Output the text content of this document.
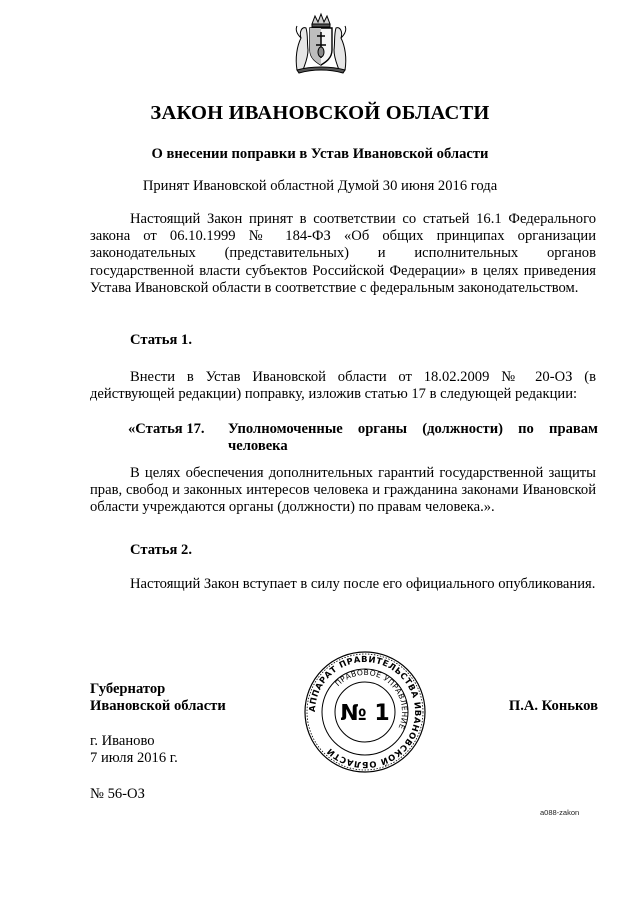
ЗАКОН ИВАНОВСКОЙ ОБЛАСТИ
О внесении поправки в Устав Ивановской области
Принят Ивановской областной Думой 30 июня 2016 года
Настоящий Закон принят в соответствии со статьей 16.1 Федерального закона от 06.10.1999 № 184-ФЗ «Об общих принципах организации законодательных (представительных) и исполнительных органов государственной власти субъектов Российской Федерации» в целях приведения Устава Ивановской области в соответствие с федеральным законодательством.
Статья 1.
Внести в Устав Ивановской области от 18.02.2009 № 20-ОЗ (в действующей редакции) поправку, изложив статью 17 в следующей редакции:
«Статья 17. Уполномоченные органы (должности) по правам человека
В целях обеспечения дополнительных гарантий государственной защиты прав, свобод и законных интересов человека и гражданина законами Ивановской области учреждаются органы (должности) по правам человека.».
Статья 2.
Настоящий Закон вступает в силу после его официального опубликования.
Губернатор
Ивановской области	АППАРАТ ПРАВИТЕЛЬСТВА ИВАНОВСКОЙ ОБЛАСТИ
ПРАВОВОЕ УПРАВЛЕНИЕ
№ 1	П.А. Коньков
г. Иваново
7 июля 2016 г.
№ 56-ОЗ
a088-zakon
